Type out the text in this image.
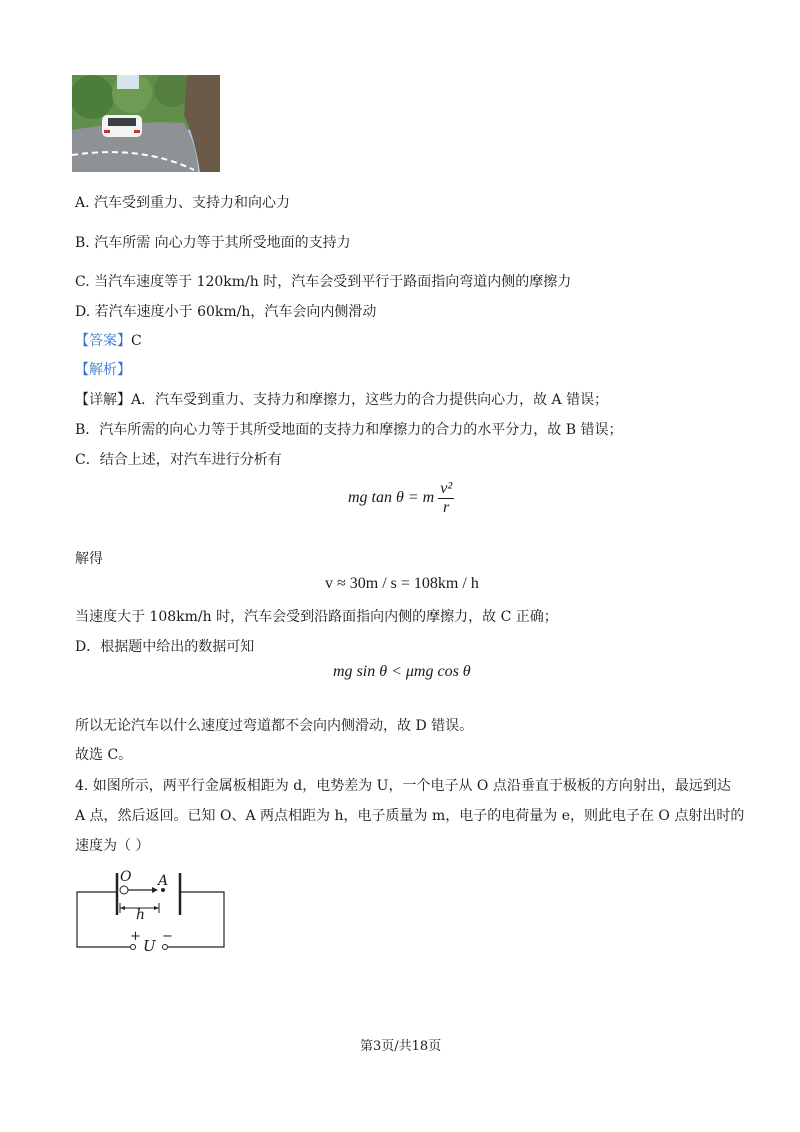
A. 汽车受到重力、支持力和向心力
B. 汽车所需 向心力等于其所受地面的支持力
C. 当汽车速度等于 120km/h 时，汽车会受到平行于路面指向弯道内侧的摩擦力
D. 若汽车速度小于 60km/h，汽车会向内侧滑动
【答案】C
【解析】
【详解】A．汽车受到重力、支持力和摩擦力，这些力的合力提供向心力，故 A 错误；
B．汽车所需的向心力等于其所受地面的支持力和摩擦力的合力的水平分力，故 B 错误；
C．结合上述，对汽车进行分析有
mg tan θ = m $\frac{\text{v²}}{r}$
解得
v ≈ 30m / s = 108km / h
当速度大于 108km/h 时，汽车会受到沿路面指向内侧的摩擦力，故 C 正确；
D．根据题中给出的数据可知
mg sin θ < μmg cos θ
所以无论汽车以什么速度过弯道都不会向内侧滑动，故 D 错误。
故选 C。
4. 如图所示，两平行金属板相距为 d，电势差为 U，一个电子从 O 点沿垂直于极板的方向射出，最远到达
A 点，然后返回。已知 O、A 两点相距为 h，电子质量为 m，电子的电荷量为 e，则此电子在 O 点射出时的
速度为（ ）
O A
h
+ −
U
第3页/共18页
